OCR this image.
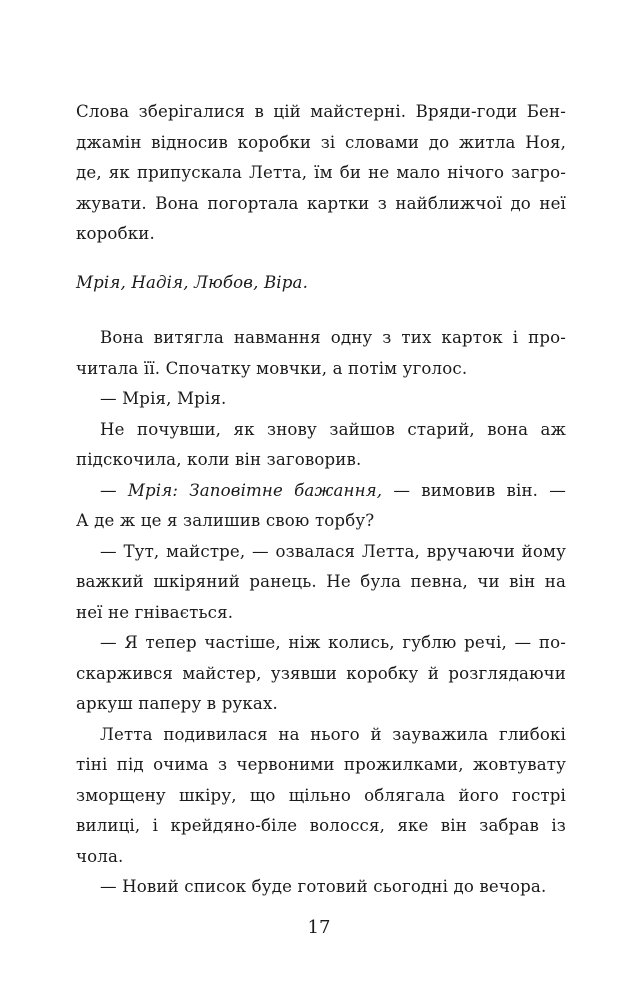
Слова зберігалися в цій майстерні. Вряди-годи Бен-
джамін відносив коробки зі словами до житла Ноя,
де, як припускала Летта, їм би не мало нічого загро-
жувати. Вона погортала картки з найближчої до неї
коробки.
Мрія, Надія, Любов, Віра.
Вона витягла навмання одну з тих карток і про-
читала її. Спочатку мовчки, а потім уголос.
— Мрія, Мрія.
Не почувши, як знову зайшов старий, вона аж
підскочила, коли він заговорив.
— Мрія: Заповітне бажання, — вимовив він. —
А де ж це я залишив свою торбу?
— Тут, майстре, — озвалася Летта, вручаючи йому
важкий шкіряний ранець. Не була певна, чи він на
неї не гнівається.
— Я тепер частіше, ніж колись, гублю речі, — по-
скаржився майстер, узявши коробку й розглядаючи
аркуш паперу в руках.
Летта подивилася на нього й зауважила глибокі
тіні під очима з червоними прожилками, жовтувату
зморщену шкіру, що щільно облягала його гострі
вилиці, і крейдяно-біле волосся, яке він забрав із
чола.
— Новий список буде готовий сьогодні до вечора.
17
